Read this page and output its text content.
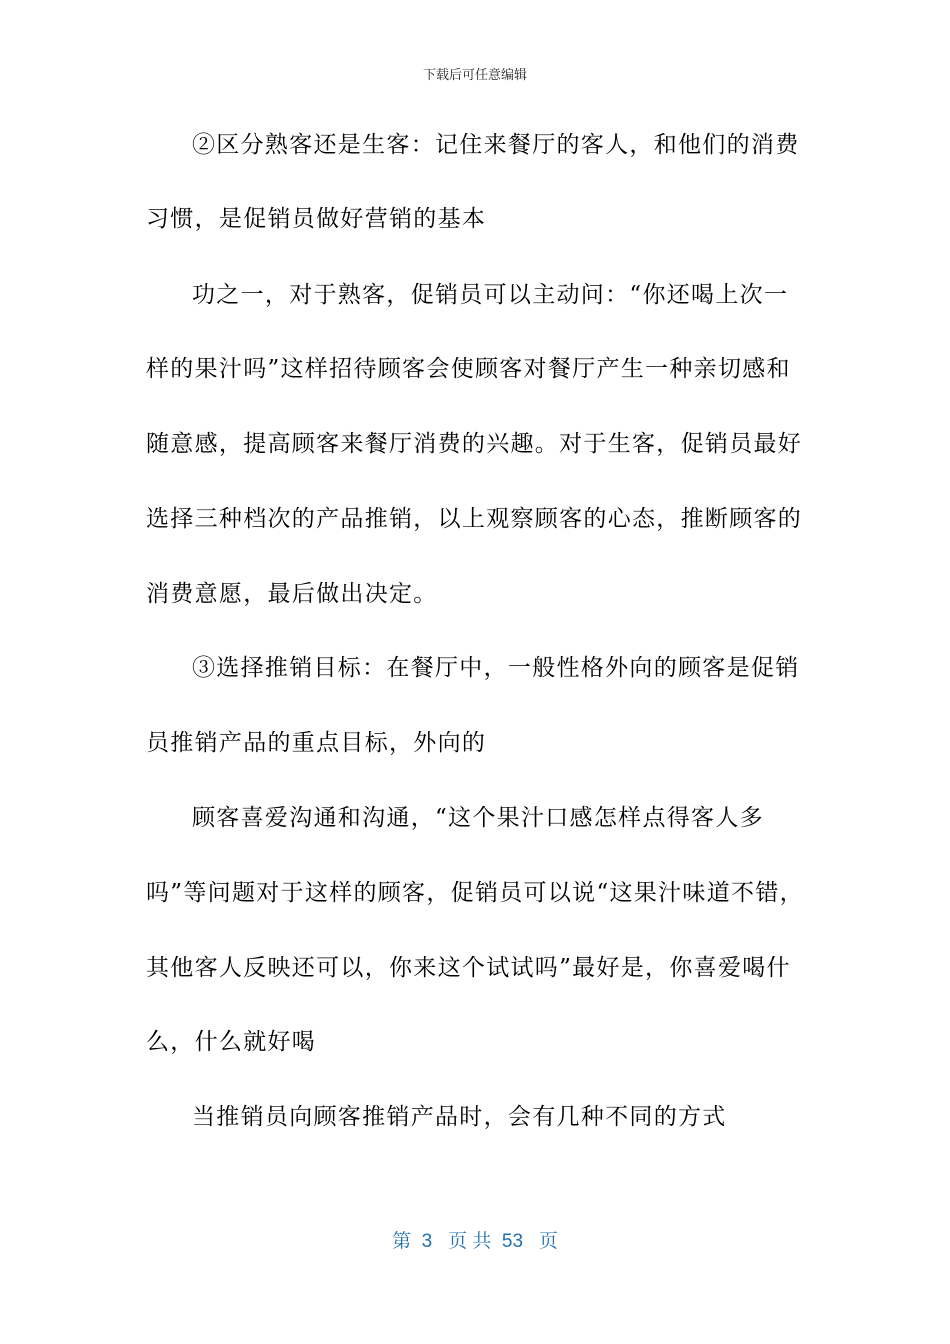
下载后可任意编辑
②区分熟客还是生客：记住来餐厅的客人，和他们的消费
习惯，是促销员做好营销的基本
功之一，对于熟客，促销员可以主动问：“你还喝上次一
样的果汁吗”这样招待顾客会使顾客对餐厅产生一种亲切感和
随意感，提高顾客来餐厅消费的兴趣。对于生客，促销员最好
选择三种档次的产品推销，以上观察顾客的心态，推断顾客的
消费意愿，最后做出决定。
③选择推销目标：在餐厅中，一般性格外向的顾客是促销
员推销产品的重点目标，外向的
顾客喜爱沟通和沟通，“这个果汁口感怎样点得客人多
吗”等问题对于这样的顾客，促销员可以说“这果汁味道不错，
其他客人反映还可以，你来这个试试吗”最好是，你喜爱喝什
么，什么就好喝
当推销员向顾客推销产品时，会有几种不同的方式
第  3   页 共  53   页
